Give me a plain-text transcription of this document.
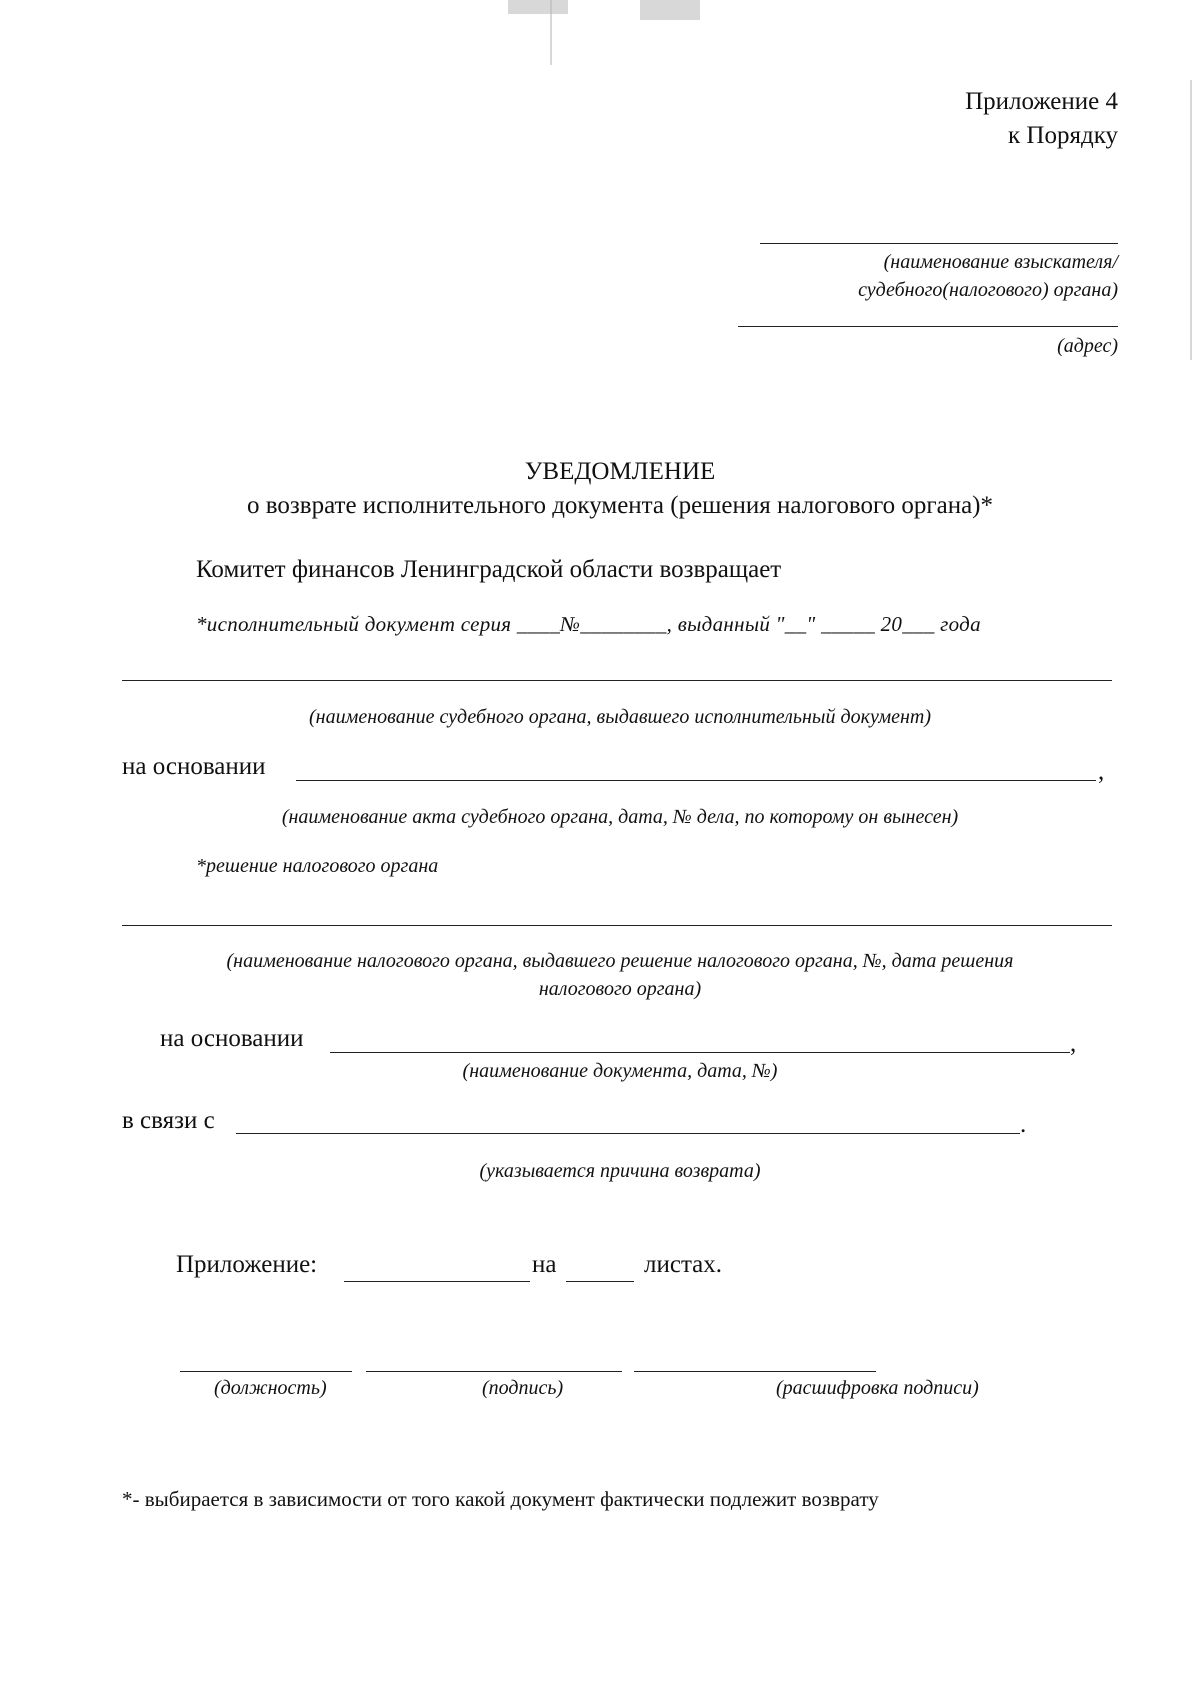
Приложение 4
к Порядку
(наименование взыскателя/
судебного(налогового) органа)
(адрес)
УВЕДОМЛЕНИЕ
о возврате исполнительного документа (решения налогового органа)*
Комитет финансов Ленинградской области возвращает
*исполнительный документ серия ____№________, выданный "__" _____ 20___ года
(наименование судебного органа, выдавшего исполнительный документ)
на основании	,
(наименование акта судебного органа, дата, № дела, по которому он вынесен)
*решение налогового органа
(наименование налогового органа, выдавшего решение налогового органа, №, дата решения
налогового органа)
на основании	,
(наименование документа, дата, №)
в связи с	.
(указывается причина возврата)
Приложение:	на	листах.
(должность)	(подпись)	(расшифровка подписи)
*- выбирается в зависимости от того какой документ фактически подлежит возврату
